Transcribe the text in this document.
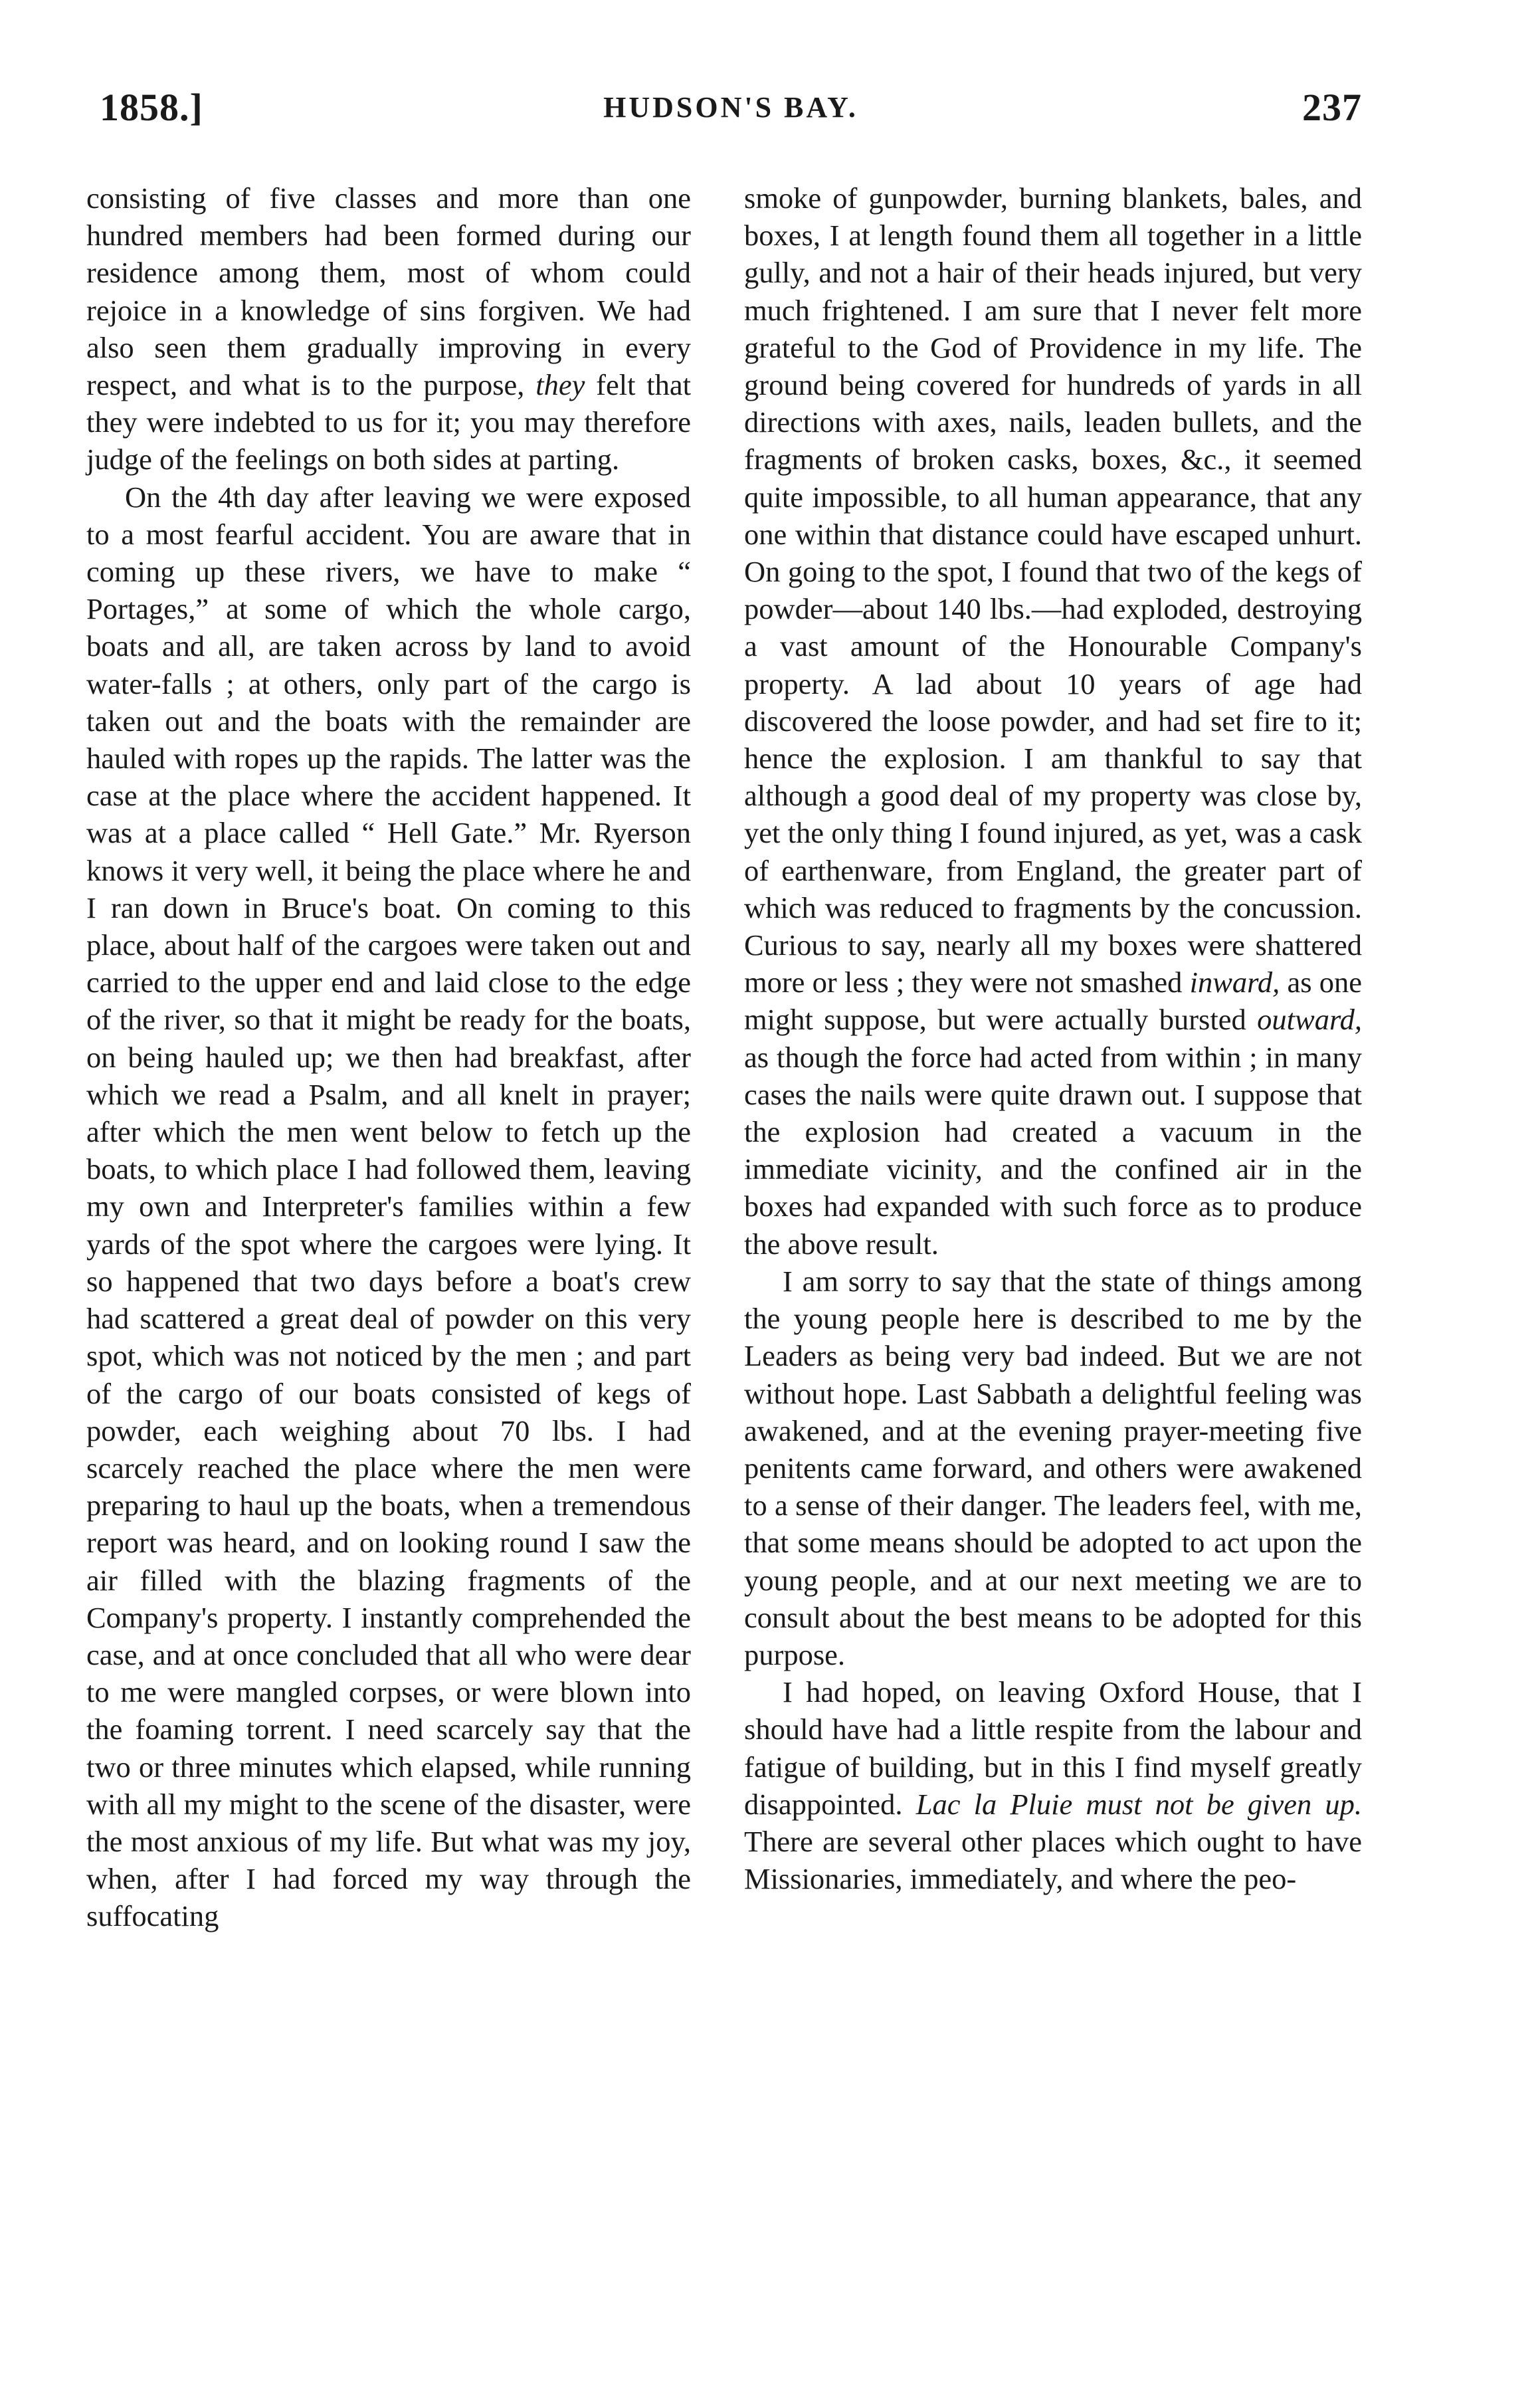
1858.]	HUDSON'S BAY.	237

consisting of five classes and more than one hundred members had been formed during our residence among them, most of whom could rejoice in a knowledge of sins forgiven. We had also seen them gradually improving in every respect, and what is to the purpose, they felt that they were indebted to us for it; you may therefore judge of the feelings on both sides at parting.

On the 4th day after leaving we were exposed to a most fearful accident. You are aware that in coming up these rivers, we have to make “ Portages,” at some of which the whole cargo, boats and all, are taken across by land to avoid water-falls ; at others, only part of the cargo is taken out and the boats with the remainder are hauled with ropes up the rapids. The latter was the case at the place where the accident happened. It was at a place called “ Hell Gate.” Mr. Ryerson knows it very well, it being the place where he and I ran down in Bruce's boat. On coming to this place, about half of the cargoes were taken out and carried to the upper end and laid close to the edge of the river, so that it might be ready for the boats, on being hauled up; we then had breakfast, after which we read a Psalm, and all knelt in prayer; after which the men went below to fetch up the boats, to which place I had followed them, leaving my own and Interpreter's families within a few yards of the spot where the cargoes were lying. It so happened that two days before a boat's crew had scattered a great deal of powder on this very spot, which was not noticed by the men ; and part of the cargo of our boats consisted of kegs of powder, each weighing about 70 lbs. I had scarcely reached the place where the men were preparing to haul up the boats, when a tremendous report was heard, and on looking round I saw the air filled with the blazing fragments of the Company's property. I instantly comprehended the case, and at once concluded that all who were dear to me were mangled corpses, or were blown into the foaming torrent. I need scarcely say that the two or three minutes which elapsed, while running with all my might to the scene of the disaster, were the most anxious of my life. But what was my joy, when, after I had forced my way through the suffocating

smoke of gunpowder, burning blankets, bales, and boxes, I at length found them all together in a little gully, and not a hair of their heads injured, but very much frightened. I am sure that I never felt more grateful to the God of Providence in my life. The ground being covered for hundreds of yards in all directions with axes, nails, leaden bullets, and the fragments of broken casks, boxes, &c., it seemed quite impossible, to all human appearance, that any one within that distance could have escaped unhurt. On going to the spot, I found that two of the kegs of powder—about 140 lbs.—had exploded, destroying a vast amount of the Honourable Company's property. A lad about 10 years of age had discovered the loose powder, and had set fire to it; hence the explosion. I am thankful to say that although a good deal of my property was close by, yet the only thing I found injured, as yet, was a cask of earthenware, from England, the greater part of which was reduced to fragments by the concussion. Curious to say, nearly all my boxes were shattered more or less ; they were not smashed inward, as one might suppose, but were actually bursted outward, as though the force had acted from within ; in many cases the nails were quite drawn out. I suppose that the explosion had created a vacuum in the immediate vicinity, and the confined air in the boxes had expanded with such force as to produce the above result.

I am sorry to say that the state of things among the young people here is described to me by the Leaders as being very bad indeed. But we are not without hope. Last Sabbath a delightful feeling was awakened, and at the evening prayer-meeting five penitents came forward, and others were awakened to a sense of their danger. The leaders feel, with me, that some means should be adopted to act upon the young people, and at our next meeting we are to consult about the best means to be adopted for this purpose.

I had hoped, on leaving Oxford House, that I should have had a little respite from the labour and fatigue of building, but in this I find myself greatly disappointed. Lac la Pluie must not be given up. There are several other places which ought to have Missionaries, immediately, and where the peo-
